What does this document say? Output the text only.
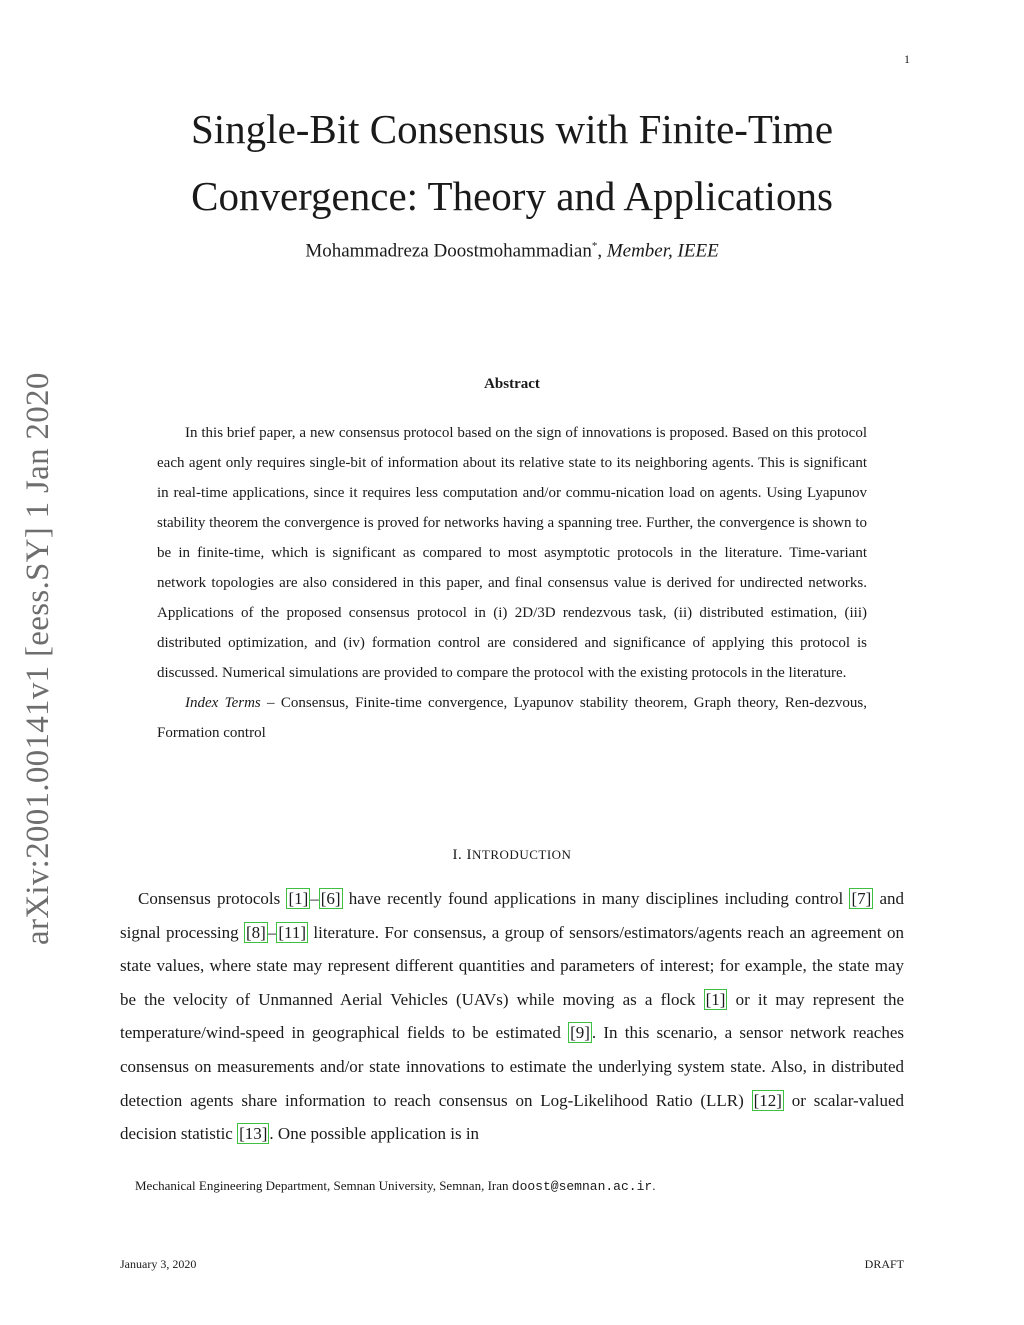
1
arXiv:2001.00141v1 [eess.SY] 1 Jan 2020
Single-Bit Consensus with Finite-Time
Convergence: Theory and Applications
Mohammadreza Doostmohammadian*, Member, IEEE
Abstract

In this brief paper, a new consensus protocol based on the sign of innovations is proposed. Based on this protocol each agent only requires single-bit of information about its relative state to its neighboring agents. This is significant in real-time applications, since it requires less computation and/or commu-nication load on agents. Using Lyapunov stability theorem the convergence is proved for networks having a spanning tree. Further, the convergence is shown to be in finite-time, which is significant as compared to most asymptotic protocols in the literature. Time-variant network topologies are also considered in this paper, and final consensus value is derived for undirected networks. Applications of the proposed consensus protocol in (i) 2D/3D rendezvous task, (ii) distributed estimation, (iii) distributed optimization, and (iv) formation control are considered and significance of applying this protocol is discussed. Numerical simulations are provided to compare the protocol with the existing protocols in the literature.

Index Terms – Consensus, Finite-time convergence, Lyapunov stability theorem, Graph theory, Ren-dezvous, Formation control

I. INTRODUCTION

Consensus protocols [1] – [6] have recently found applications in many disciplines including control [7] and signal processing [8] – [11] literature. For consensus, a group of sensors/estimators/agents reach an agreement on state values, where state may represent different quantities and parameters of interest; for example, the state may be the velocity of Unmanned Aerial Vehicles (UAVs) while moving as a flock [1] or it may represent the temperature/wind-speed in geographical fields to be estimated [9] . In this scenario, a sensor network reaches consensus on measurements and/or state innovations to estimate the underlying system state. Also, in distributed detection agents share information to reach consensus on Log-Likelihood Ratio (LLR) [12] or scalar-valued decision statistic [13] . One possible application is in

Mechanical Engineering Department, Semnan University, Semnan, Iran doost@semnan.ac.ir.
January 3, 2020	DRAFT
